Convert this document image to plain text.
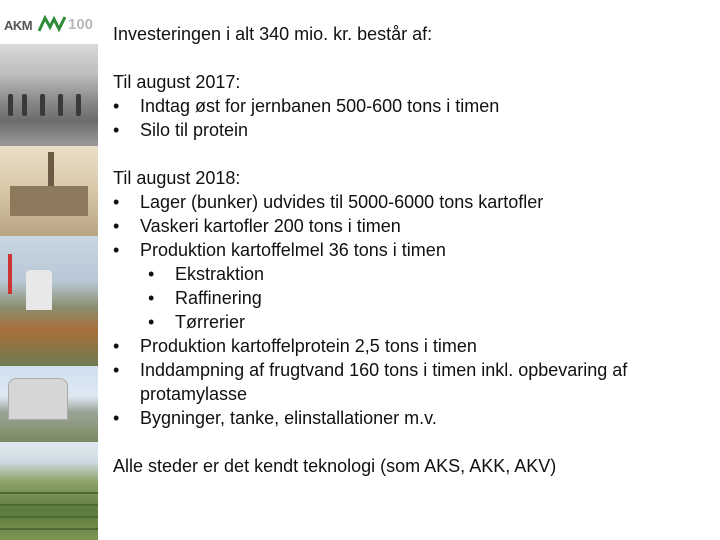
AKM 100 Investeringen i alt 340 mio. kr. består af:
Til august 2017:
• Indtag øst for jernbanen 500-600 tons i timen
• Silo til protein
Til august 2018:
• Lager (bunker) udvides til 5000-6000 tons kartofler
• Vaskeri kartofler 200 tons i timen
• Produktion kartoffelmel 36 tons i timen
• Ekstraktion
• Raffinering
• Tørrerier
• Produktion kartoffelprotein 2,5 tons i timen
• Inddampning af frugtvand 160 tons i timen inkl. opbevaring af protamylasse
• Bygninger, tanke, elinstallationer m.v.
Alle steder er det kendt teknologi (som AKS, AKK, AKV)
